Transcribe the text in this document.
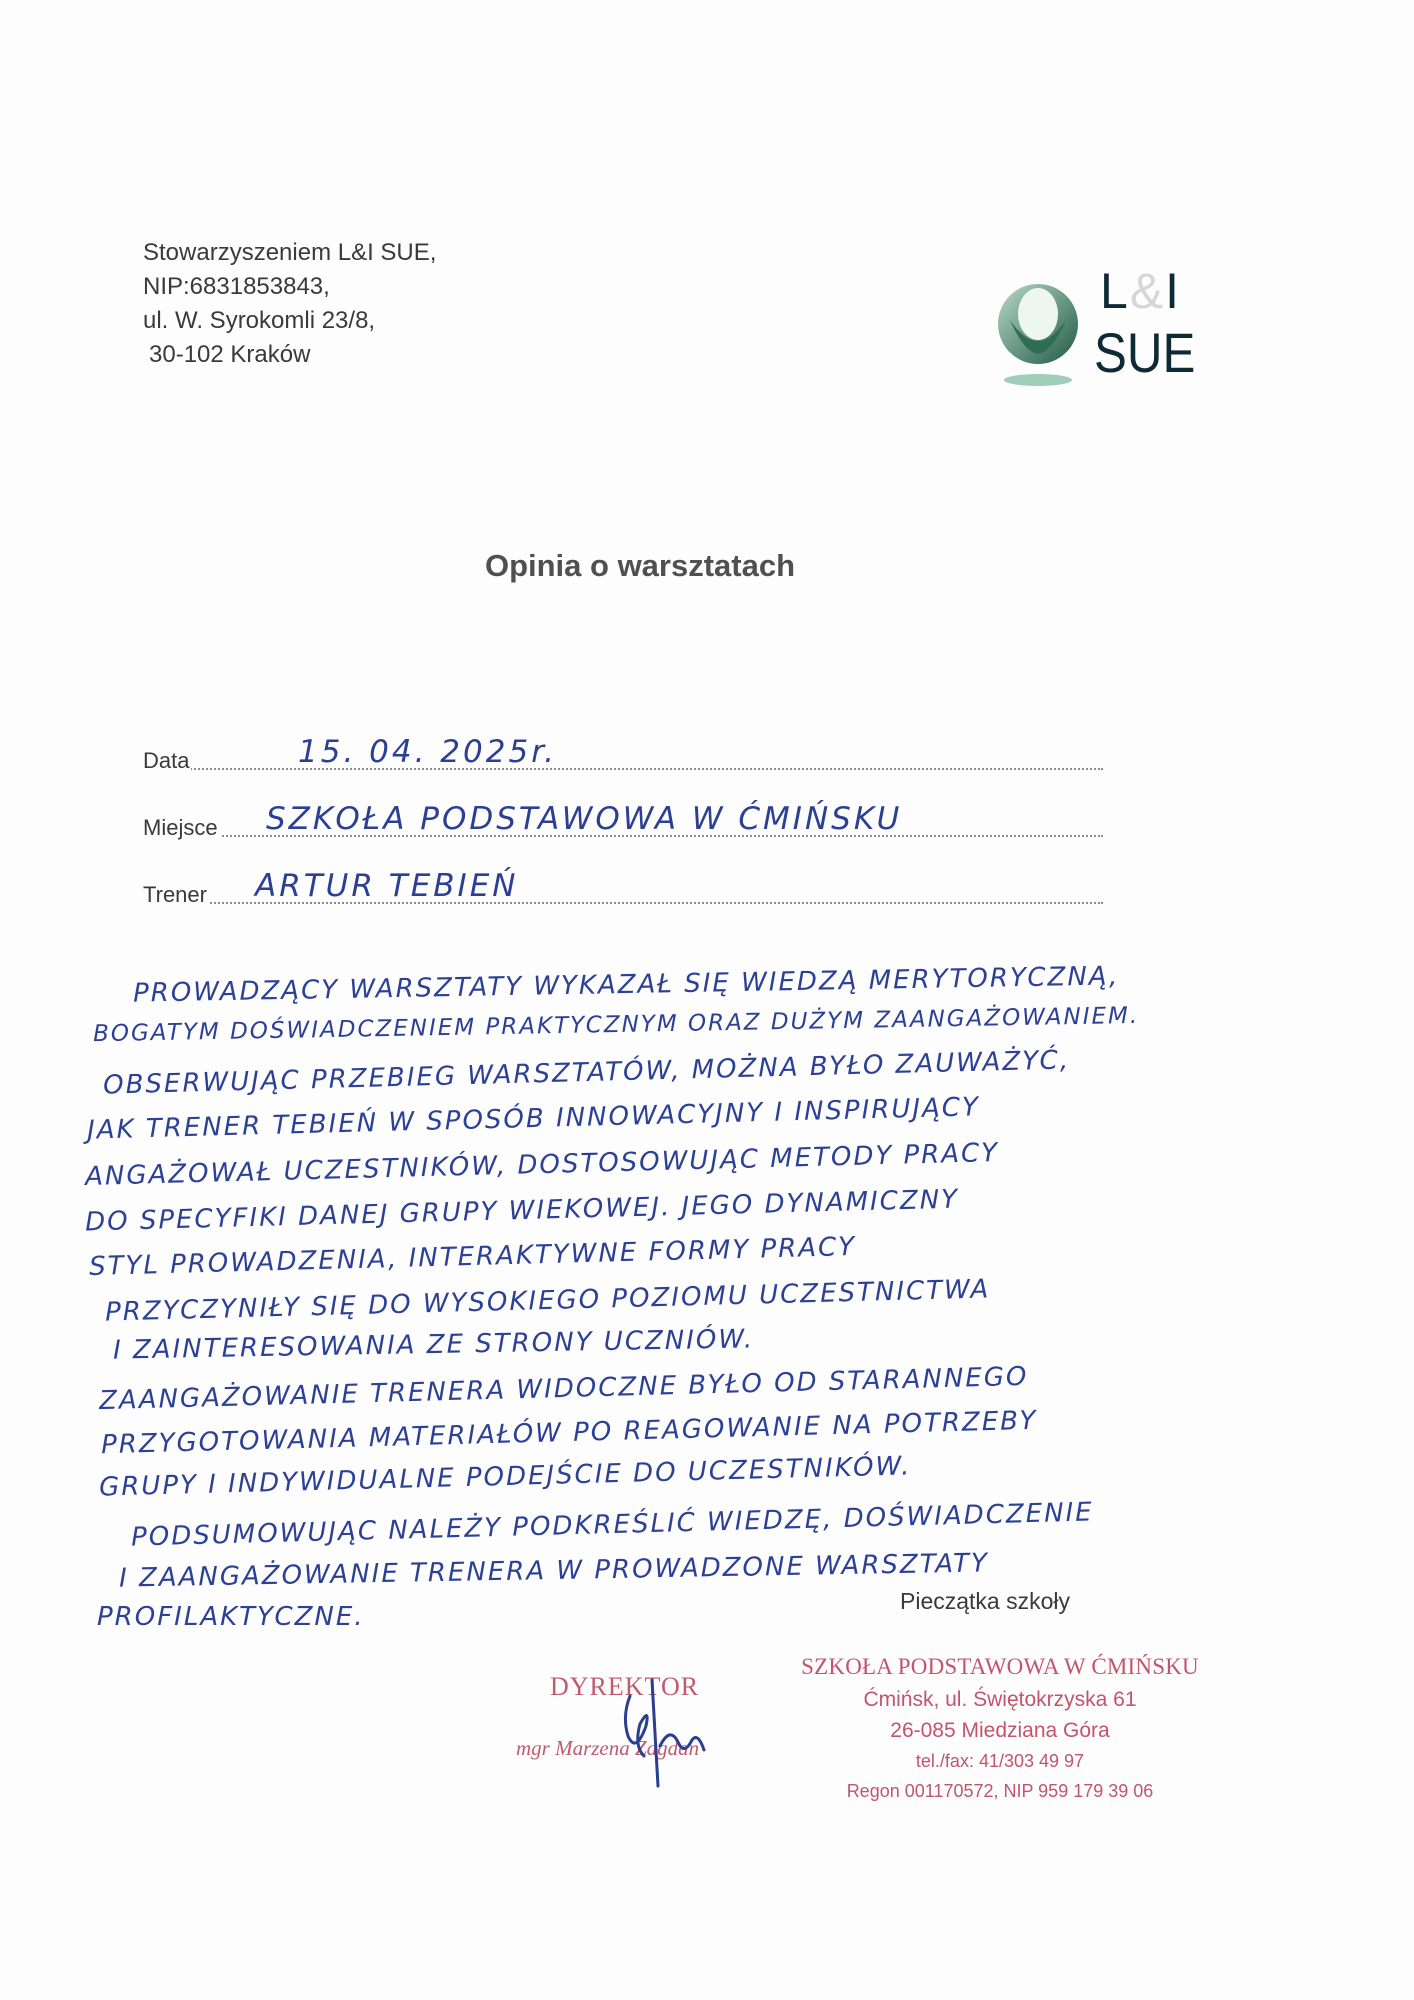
Stowarzyszeniem L&I SUE,
NIP:6831853843,
ul. W. Syrokomli 23/8,
30-102 Kraków
L&I
SUE
Opinia o warsztatach
Data	15. 04. 2025r.
Miejsce SZKOŁA PODSTAWOWA W ĆMIŃSKU
Trener ARTUR TEBIEŃ
PROWADZĄCY WARSZTATY WYKAZAŁ SIĘ WIEDZĄ MERYTORYCZNĄ,
BOGATYM DOŚWIADCZENIEM PRAKTYCZNYM ORAZ DUŻYM ZAANGAŻOWANIEM.
OBSERWUJĄC PRZEBIEG WARSZTATÓW, MOŻNA BYŁO ZAUWAŻYĆ,
JAK TRENER TEBIEŃ W SPOSÓB INNOWACYJNY I INSPIRUJĄCY
ANGAŻOWAŁ UCZESTNIKÓW, DOSTOSOWUJĄC METODY PRACY
DO SPECYFIKI DANEJ GRUPY WIEKOWEJ. JEGO DYNAMICZNY
STYL PROWADZENIA, INTERAKTYWNE FORMY PRACY
PRZYCZYNIŁY SIĘ DO WYSOKIEGO POZIOMU UCZESTNICTWA
I ZAINTERESOWANIA ZE STRONY UCZNIÓW.
ZAANGAŻOWANIE TRENERA WIDOCZNE BYŁO OD STARANNEGO
PRZYGOTOWANIA MATERIAŁÓW PO REAGOWANIE NA POTRZEBY
GRUPY I INDYWIDUALNE PODEJŚCIE DO UCZESTNIKÓW.
PODSUMOWUJĄC NALEŻY PODKREŚLIĆ WIEDZĘ, DOŚWIADCZENIE
I ZAANGAŻOWANIE TRENERA W PROWADZONE WARSZTATY
PROFILAKTYCZNE.
Pieczątka szkoły
DYREKTOR
mgr Marzena Zagdan
SZKOŁA PODSTAWOWA W ĆMIŃSKU
Ćmińsk, ul. Świętokrzyska 61
26-085 Miedziana Góra
tel./fax: 41/303 49 97
Regon 001170572, NIP 959 179 39 06
